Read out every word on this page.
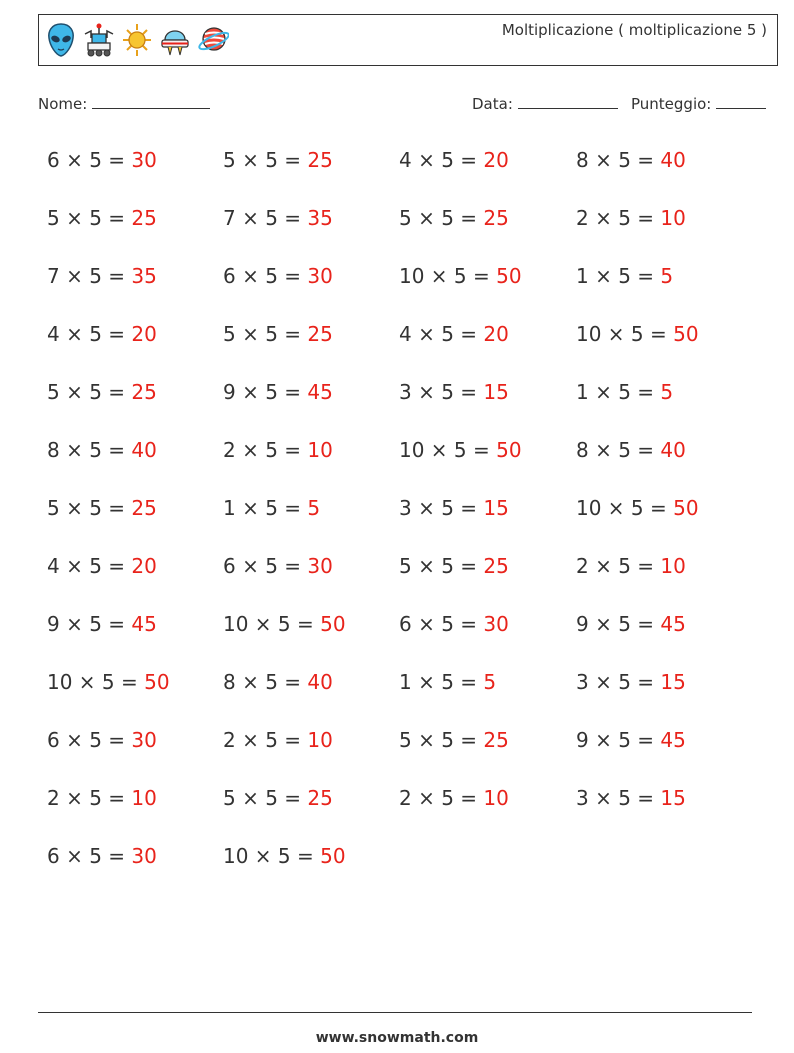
Moltiplicazione ( moltiplicazione 5 )
Nome:	Data:	Punteggio:
6 × 5 = 30
5 × 5 = 25
7 × 5 = 35
4 × 5 = 20
5 × 5 = 25
8 × 5 = 40
5 × 5 = 25
4 × 5 = 20
9 × 5 = 45
10 × 5 = 50
6 × 5 = 30
2 × 5 = 10
6 × 5 = 30
5 × 5 = 25
7 × 5 = 35
6 × 5 = 30
5 × 5 = 25
9 × 5 = 45
2 × 5 = 10
1 × 5 = 5
6 × 5 = 30
10 × 5 = 50
8 × 5 = 40
2 × 5 = 10
5 × 5 = 25
10 × 5 = 50
4 × 5 = 20
5 × 5 = 25
10 × 5 = 50
4 × 5 = 20
3 × 5 = 15
10 × 5 = 50
3 × 5 = 15
5 × 5 = 25
6 × 5 = 30
1 × 5 = 5
5 × 5 = 25
2 × 5 = 10
8 × 5 = 40
2 × 5 = 10
1 × 5 = 5
10 × 5 = 50
1 × 5 = 5
8 × 5 = 40
10 × 5 = 50
2 × 5 = 10
9 × 5 = 45
3 × 5 = 15
9 × 5 = 45
3 × 5 = 15
www.snowmath.com
